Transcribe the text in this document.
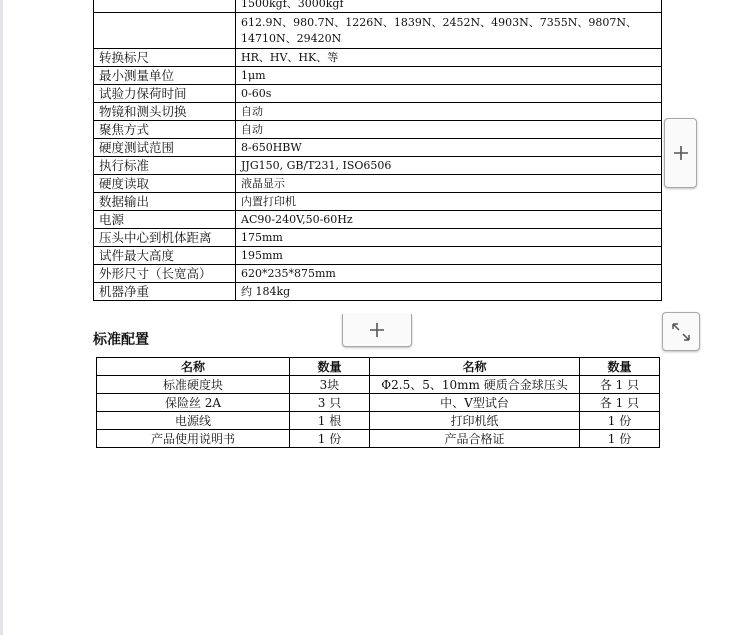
	1500kgf、3000kgf
	612.9N、980.7N、1226N、1839N、2452N、4903N、7355N、9807N、14710N、29420N
转换标尺	HR、HV、HK、等
最小测量单位	1μm
试验力保荷时间	0-60s
物镜和测头切换	自动
聚焦方式	自动
硬度测试范围	8-650HBW
执行标准	JJG150, GB/T231, ISO6506
硬度读取	液晶显示
数据输出	内置打印机
电源	AC90-240V,50-60Hz
压头中心到机体距离	175mm
试件最大高度	195mm
外形尺寸（长宽高）	620*235*875mm
机器净重	约 184kg
标准配置
名称	数量	名称	数量
标准硬度块	3块	Φ2.5、5、10mm 硬质合金球压头	各 1 只
保险丝 2A	3 只	中、V型试台	各 1 只
电源线	1 根	打印机纸	1 份
产品使用说明书	1 份	产品合格证	1 份
